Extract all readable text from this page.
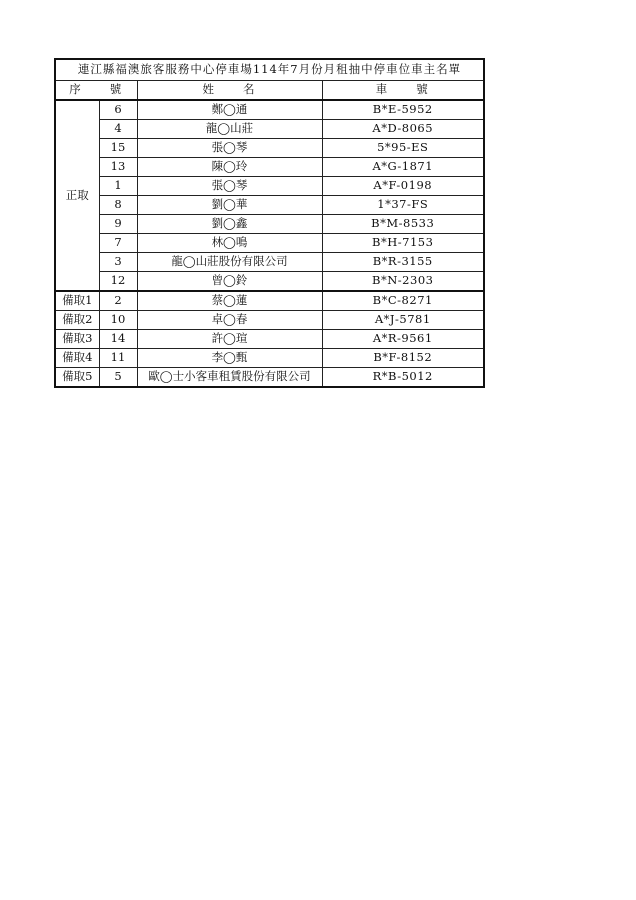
連江縣福澳旅客服務中心停車場114年7月份月租抽中停車位車主名單			
序　　號		姓　　名	車　　號
正取	6	鄭◯通	B*E-5952
	4	龍◯山莊	A*D-8065
	15	張◯琴	5*95-ES
	13	陳◯玲	A*G-1871
	1	張◯琴	A*F-0198
	8	劉◯華	1*37-FS
	9	劉◯鑫	B*M-8533
	7	林◯鳴	B*H-7153
	3	龍◯山莊股份有限公司	B*R-3155
	12	曾◯鈴	B*N-2303
備取1	2	蔡◯蓮	B*C-8271
備取2	10	卓◯春	A*J-5781
備取3	14	許◯瑄	A*R-9561
備取4	11	李◯甄	B*F-8152
備取5	5	歐◯士小客車租賃股份有限公司	R*B-5012
